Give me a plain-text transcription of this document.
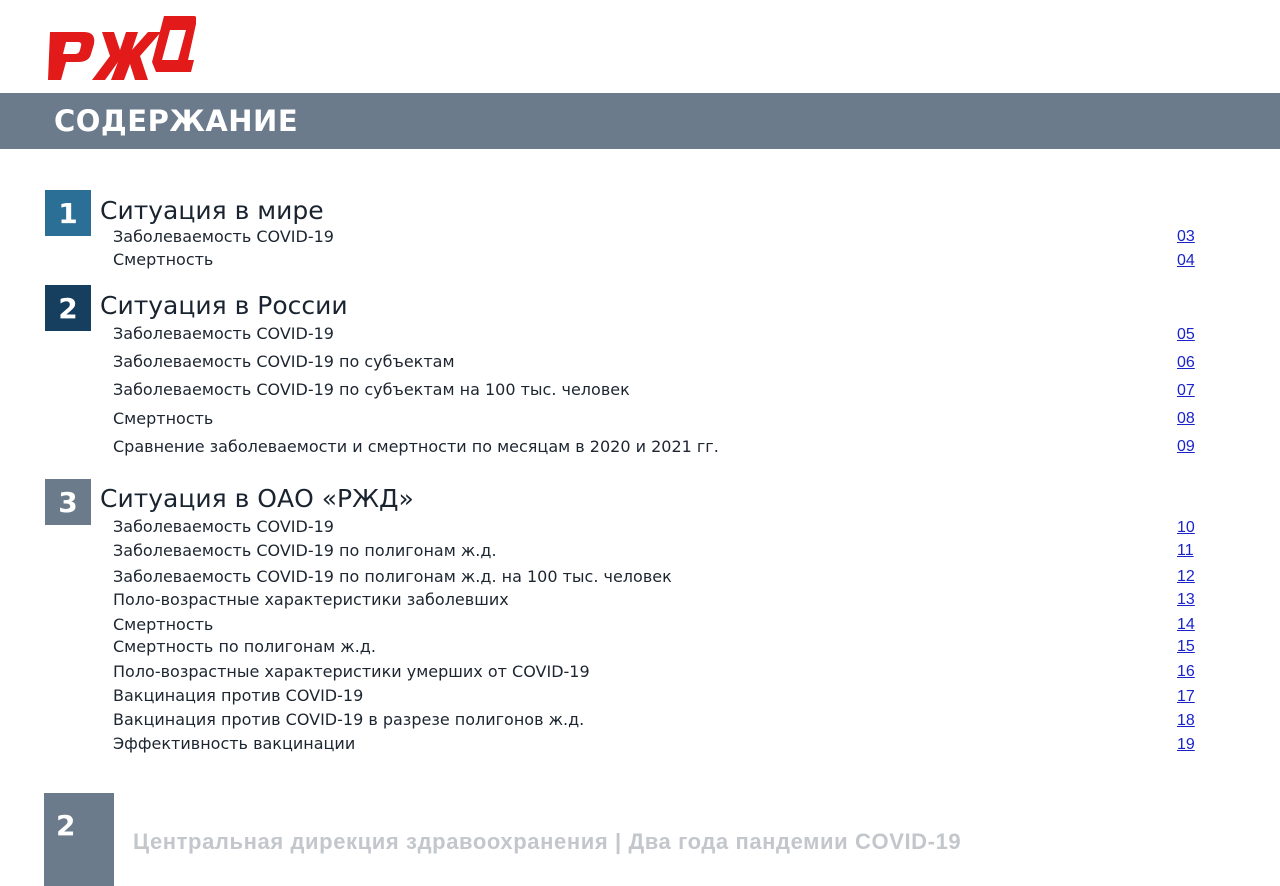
СОДЕРЖАНИЕ
1 Ситуация в мире
Заболеваемость COVID-19	03
Смертность	04
2 Ситуация в России
Заболеваемость COVID-19	05
Заболеваемость COVID-19 по субъектам	06
Заболеваемость COVID-19 по субъектам на 100 тыс. человек	07
Смертность	08
Сравнение заболеваемости и смертности по месяцам в 2020 и 2021 гг.	09
3 Ситуация в ОАО «РЖД»
Заболеваемость COVID-19	10
Заболеваемость COVID-19 по полигонам ж.д.	11
Заболеваемость COVID-19 по полигонам ж.д. на 100 тыс. человек	12
Поло-возрастные характеристики заболевших	13
Смертность	14
Смертность по полигонам ж.д.	15
Поло-возрастные характеристики умерших от COVID-19	16
Вакцинация против COVID-19	17
Вакцинация против COVID-19 в разрезе полигонов ж.д.	18
Эффективность вакцинации	19
2	Центральная дирекция здравоохранения | Два года пандемии COVID-19
